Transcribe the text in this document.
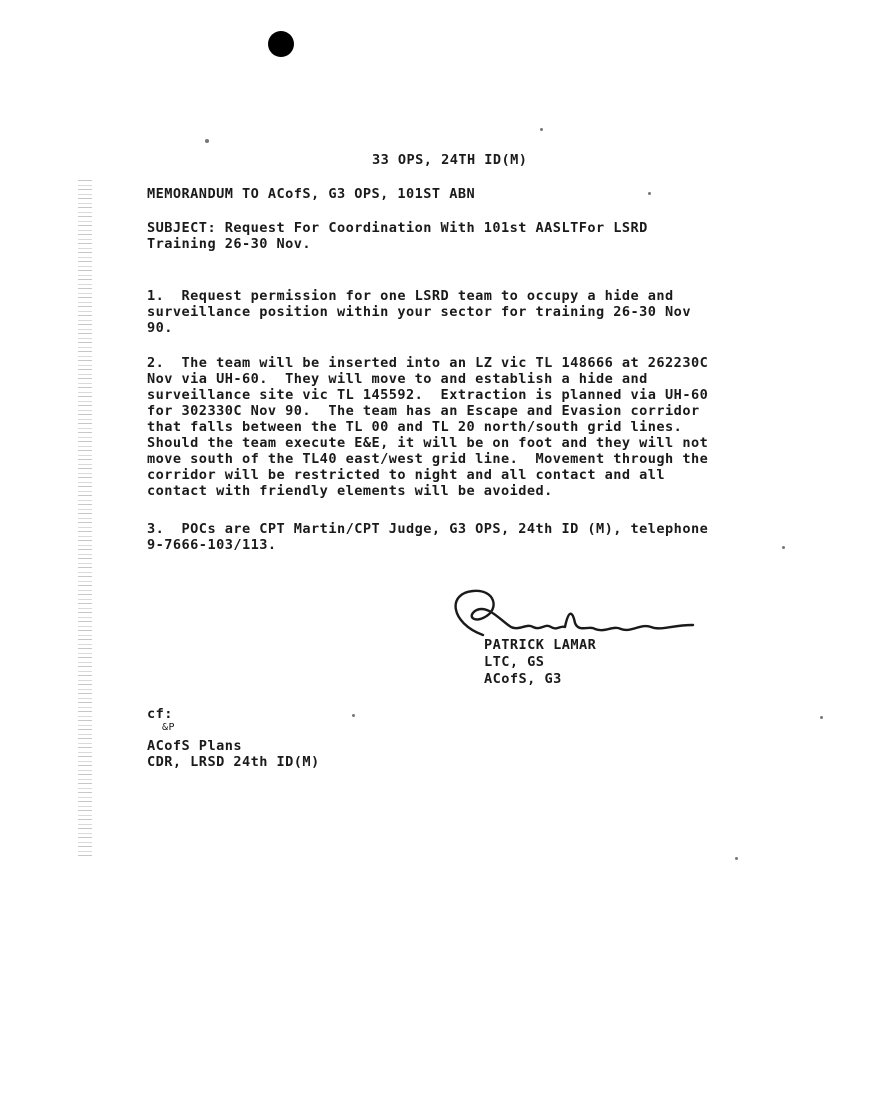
33 OPS, 24TH ID(M)
MEMORANDUM TO ACofS, G3 OPS, 101ST ABN
SUBJECT: Request For Coordination With 101st AASLTFor LSRD
Training 26-30 Nov.
1.  Request permission for one LSRD team to occupy a hide and
surveillance position within your sector for training 26-30 Nov
90.
2.  The team will be inserted into an LZ vic TL 148666 at 262230C
Nov via UH-60.  They will move to and establish a hide and
surveillance site vic TL 145592.  Extraction is planned via UH-60
for 302330C Nov 90.  The team has an Escape and Evasion corridor
that falls between the TL 00 and TL 20 north/south grid lines.
Should the team execute E&E, it will be on foot and they will not
move south of the TL40 east/west grid line.  Movement through the
corridor will be restricted to night and all contact and all
contact with friendly elements will be avoided.
3.  POCs are CPT Martin/CPT Judge, G3 OPS, 24th ID (M), telephone
9-7666-103/113.
PATRICK LAMAR
LTC, GS
ACofS, G3
cf:
&P
ACofS Plans
CDR, LRSD 24th ID(M)
